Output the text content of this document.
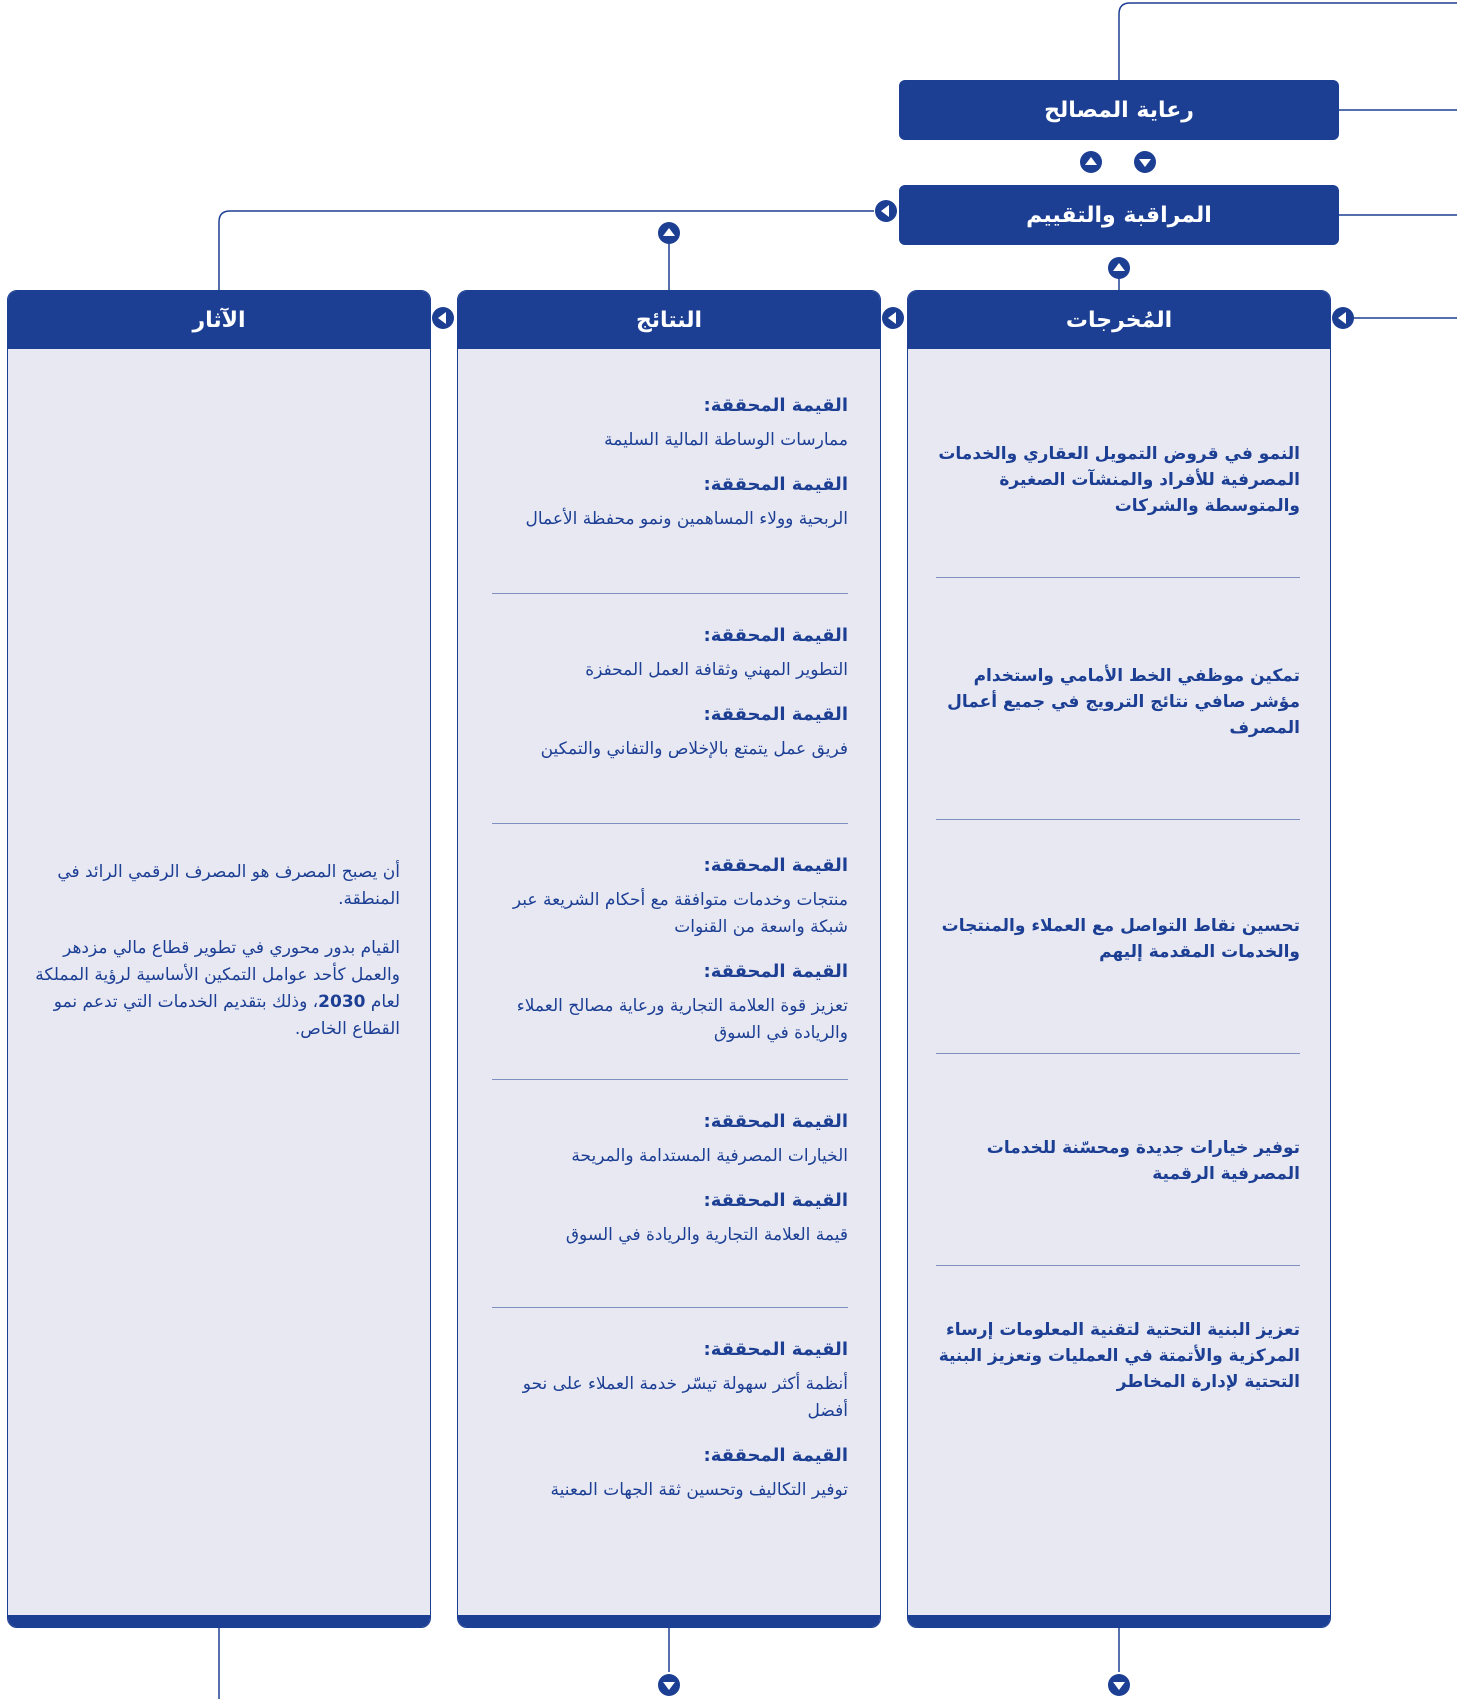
رعاية المصالح
المراقبة والتقييم
المُخرجات
النمو في قروض التمويل العقاري والخدمات المصرفية للأفراد والمنشآت الصغيرة والمتوسطة والشركات
تمكين موظفي الخط الأمامي واستخدام مؤشر صافي نتائج الترويج في جميع أعمال المصرف
تحسين نقاط التواصل مع العملاء والمنتجات والخدمات المقدمة إليهم
توفير خيارات جديدة ومحسّنة للخدمات المصرفية الرقمية
تعزيز البنية التحتية لتقنية المعلومات إرساء المركزية والأتمتة في العمليات وتعزيز البنية التحتية لإدارة المخاطر
النتائج
القيمة المحققة:
ممارسات الوساطة المالية السليمة
القيمة المحققة:
الربحية وولاء المساهمين ونمو محفظة الأعمال
القيمة المحققة:
التطوير المهني وثقافة العمل المحفزة
القيمة المحققة:
فريق عمل يتمتع بالإخلاص والتفاني والتمكين
القيمة المحققة:
منتجات وخدمات متوافقة مع أحكام الشريعة عبر شبكة واسعة من القنوات
القيمة المحققة:
تعزيز قوة العلامة التجارية ورعاية مصالح العملاء والريادة في السوق
القيمة المحققة:
الخيارات المصرفية المستدامة والمريحة
القيمة المحققة:
قيمة العلامة التجارية والريادة في السوق
القيمة المحققة:
أنظمة أكثر سهولة تيسّر خدمة العملاء على نحو أفضل
القيمة المحققة:
توفير التكاليف وتحسين ثقة الجهات المعنية
الآثار

أن يصبح المصرف هو المصرف الرقمي الرائد في المنطقة.

القيام بدور محوري في تطوير قطاع مالي مزدهر والعمل كأحد عوامل التمكين الأساسية لرؤية المملكة لعام 2030، وذلك بتقديم الخدمات التي تدعم نمو القطاع الخاص.
